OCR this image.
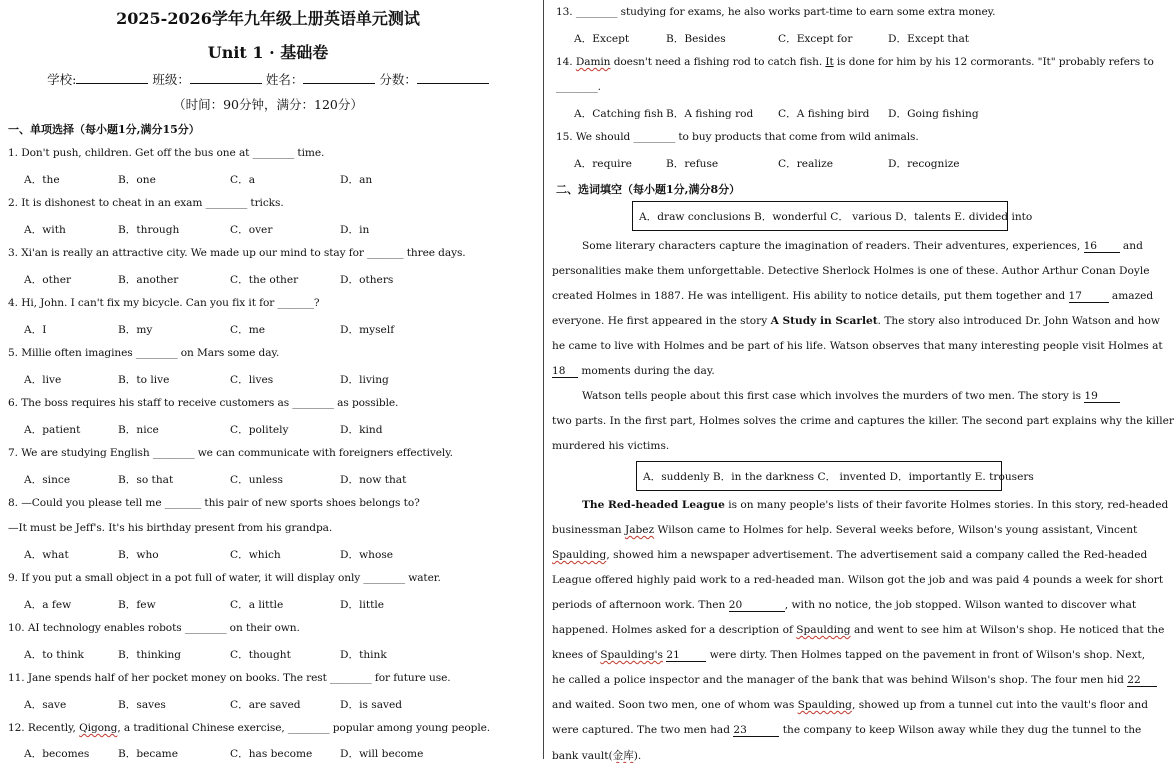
2025-2026学年九年级上册英语单元测试
Unit 1 · 基础卷
学校:	班级：	姓名：	分数：
（时间：90分钟，满分：120分）
一、单项选择（每小题1分,满分15分）
1. Don't push, children. Get off the bus one at ________ time.
A．the	B．one	C．a	D．an
2. It is dishonest to cheat in an exam ________ tricks.
A．with	B．through	C．over	D．in
3. Xi'an is really an attractive city. We made up our mind to stay for _______ three days.
A．other	B．another	C．the other	D．others
4. Hi, John. I can't fix my bicycle. Can you fix it for _______?
A．I	B．my	C．me	D．myself
5. Millie often imagines ________ on Mars some day.
A．live	B．to live	C．lives	D．living
6. The boss requires his staff to receive customers as ________ as possible.
A．patient	B．nice	C．politely	D．kind
7. We are studying English ________ we can communicate with foreigners effectively.
A．since	B．so that	C．unless	D．now that
8. —Could you please tell me _______ this pair of new sports shoes belongs to?
—It must be Jeff's. It's his birthday present from his grandpa.
A．what	B．who	C．which	D．whose
9. If you put a small object in a pot full of water, it will display only ________ water.
A．a few	B．few	C．a little	D．little
10. AI technology enables robots ________ on their own.
A．to think	B．thinking	C．thought	D．think
11. Jane spends half of her pocket money on books. The rest ________ for future use.
A．save	B．saves	C．are saved	D．is saved
12. Recently, Qigong, a traditional Chinese exercise, ________ popular among young people.
A．becomes	B．became	C．has become	D．will become
13. ________ studying for exams, he also works part-time to earn some extra money.
A．Except	B．Besides	C．Except for	D．Except that
14. Damin doesn't need a fishing rod to catch fish. It is done for him by his 12 cormorants. "It" probably refers to
________.
A．Catching fish B．A fishing rod C．A fishing bird D．Going fishing
15. We should ________ to buy products that come from wild animals.
A．require	B．refuse	C．realize	D．recognize
二、选词填空（每小题1分,满分8分）
A．draw conclusions B．wonderful C． various D．talents E. divided into
Some literary characters capture the imagination of readers. Their adventures, experiences, 16 and
personalities make them unforgettable. Detective Sherlock Holmes is one of these. Author Arthur Conan Doyle
created Holmes in 1887. He was intelligent. His ability to notice details, put them together and 17	amazed
everyone. He first appeared in the story A Study in Scarlet. The story also introduced Dr. John Watson and how
he came to live with Holmes and be part of his life. Watson observes that many interesting people visit Holmes at
18 moments during the day.
Watson tells people about this first case which involves the murders of two men. The story is 19
two parts. In the first part, Holmes solves the crime and captures the killer. The second part explains why the killer
murdered his victims.
A．suddenly B．in the darkness C． invented D．importantly E. trousers
The Red-headed League is on many people's lists of their favorite Holmes stories. In this story, red-headed
businessman Jabez Wilson came to Holmes for help. Several weeks before, Wilson's young assistant, Vincent
Spaulding, showed him a newspaper advertisement. The advertisement said a company called the Red-headed
League offered highly paid work to a red-headed man. Wilson got the job and was paid 4 pounds a week for short
periods of afternoon work. Then 20	, with no notice, the job stopped. Wilson wanted to discover what
happened. Holmes asked for a description of Spaulding and went to see him at Wilson's shop. He noticed that the
knees of Spaulding's 21	were dirty. Then Holmes tapped on the pavement in front of Wilson's shop. Next,
he called a police inspector and the manager of the bank that was behind Wilson's shop. The four men hid 22
and waited. Soon two men, one of whom was Spaulding, showed up from a tunnel cut into the vault's floor and
were captured. The two men had 23	the company to keep Wilson away while they dug the tunnel to the
bank vault(金库).
